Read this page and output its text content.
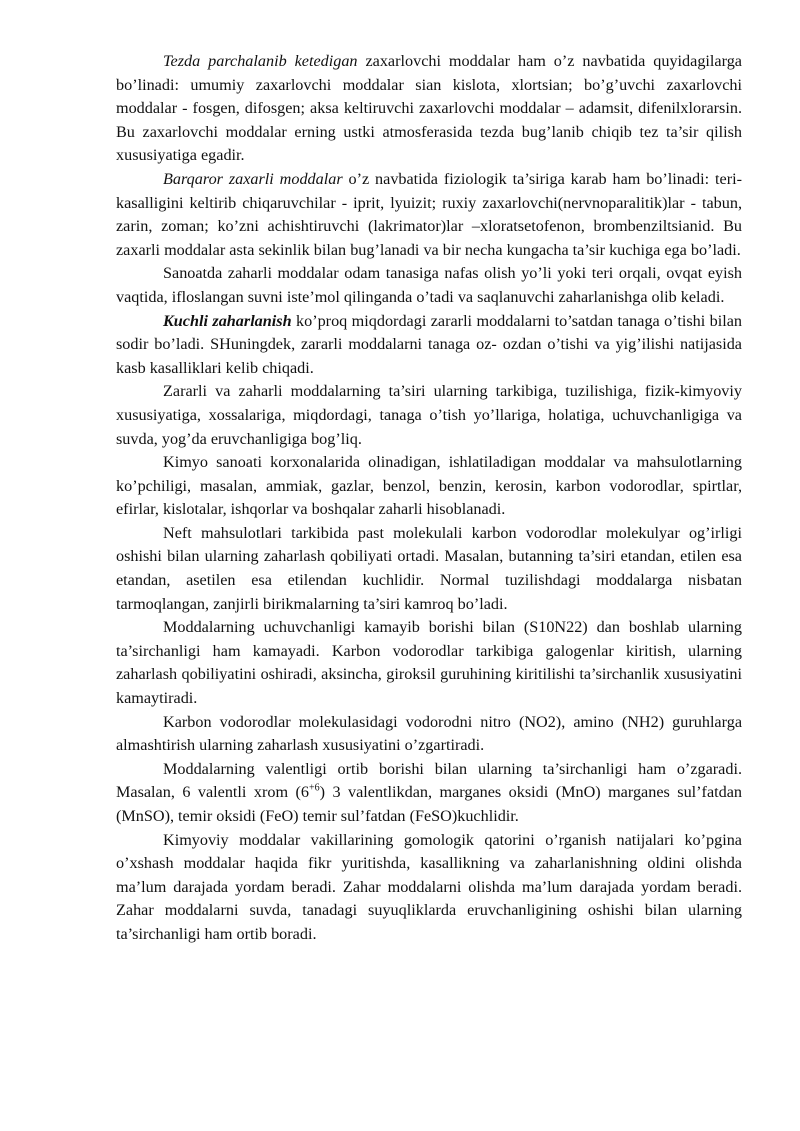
Tezda parchalanib ketedigan zaxarlovchi moddalar ham o’z navbatida quyidagilarga bo’linadi: umumiy zaxarlovchi moddalar sian kislota, xlortsian; bo’g’uvchi zaxarlovchi moddalar - fosgen, difosgen; aksa keltiruvchi zaxarlovchi moddalar – adamsit, difenilxlorarsin. Bu zaxarlovchi moddalar erning ustki atmosferasida tezda bug’lanib chiqib tez ta’sir qilish xususiyatiga egadir.

Barqaror zaxarli moddalar o’z navbatida fiziologik ta’siriga karab ham bo’linadi: teri-kasalligini keltirib chiqaruvchilar - iprit, lyuizit; ruxiy zaxarlovchi(nervnoparalitik)lar - tabun, zarin, zoman; ko’zni achishtiruvchi (lakrimator)lar –xloratsetofenon, brombenziltsianid. Bu zaxarli moddalar asta sekinlik bilan bug’lanadi va bir necha kungacha ta’sir kuchiga ega bo’ladi.

Sanoatda zaharli moddalar odam tanasiga nafas olish yo’li yoki teri orqali, ovqat eyish vaqtida, ifloslangan suvni iste’mol qilinganda o’tadi va saqlanuvchi zaharlanishga olib keladi.

Kuchli zaharlanish ko’proq miqdordagi zararli moddalarni to’satdan tanaga o’tishi bilan sodir bo’ladi. SHuningdek, zararli moddalarni tanaga oz- ozdan o’tishi va yig’ilishi natijasida kasb kasalliklari kelib chiqadi.

Zararli va zaharli moddalarning ta’siri ularning tarkibiga, tuzilishiga, fizik-kimyoviy xususiyatiga, xossalariga, miqdordagi, tanaga o’tish yo’llariga, holatiga, uchuvchanligiga va suvda, yog’da eruvchanligiga bog’liq.

Kimyo sanoati korxonalarida olinadigan, ishlatiladigan moddalar va mahsulotlarning ko’pchiligi, masalan, ammiak, gazlar, benzol, benzin, kerosin, karbon vodorodlar, spirtlar, efirlar, kislotalar, ishqorlar va boshqalar zaharli hisoblanadi.

Neft mahsulotlari tarkibida past molekulali karbon vodorodlar molekulyar og’irligi oshishi bilan ularning zaharlash qobiliyati ortadi. Masalan, butanning ta’siri etandan, etilen esa etandan, asetilen esa etilendan kuchlidir. Normal tuzilishdagi moddalarga nisbatan tarmoqlangan, zanjirli birikmalarning ta’siri kamroq bo’ladi.

Moddalarning uchuvchanligi kamayib borishi bilan (S10N22) dan boshlab ularning ta’sirchanligi ham kamayadi. Karbon vodorodlar tarkibiga galogenlar kiritish, ularning zaharlash qobiliyatini oshiradi, aksincha, giroksil guruhining kiritilishi ta’sirchanlik xususiyatini kamaytiradi.

Karbon vodorodlar molekulasidagi vodorodni nitro (NO2), amino (NH2) guruhlarga almashtirish ularning zaharlash xususiyatini o’zgartiradi.

Moddalarning valentligi ortib borishi bilan ularning ta’sirchanligi ham o’zgaradi. Masalan, 6 valentli xrom $(6^{+6})$ 3 valentlikdan, marganes oksidi (MnO) marganes sul’fatdan (MnSO), temir oksidi (FeO) temir sul’fatdan (FeSO)kuchlidir.

Kimyoviy moddalar vakillarining gomologik qatorini o’rganish natijalari ko’pgina o’xshash moddalar haqida fikr yuritishda, kasallikning va zaharlanishning oldini olishda ma’lum darajada yordam beradi. Zahar moddalarni olishda ma’lum darajada yordam beradi. Zahar moddalarni suvda, tanadagi suyuqliklarda eruvchanligining oshishi bilan ularning ta’sirchanligi ham ortib boradi.
